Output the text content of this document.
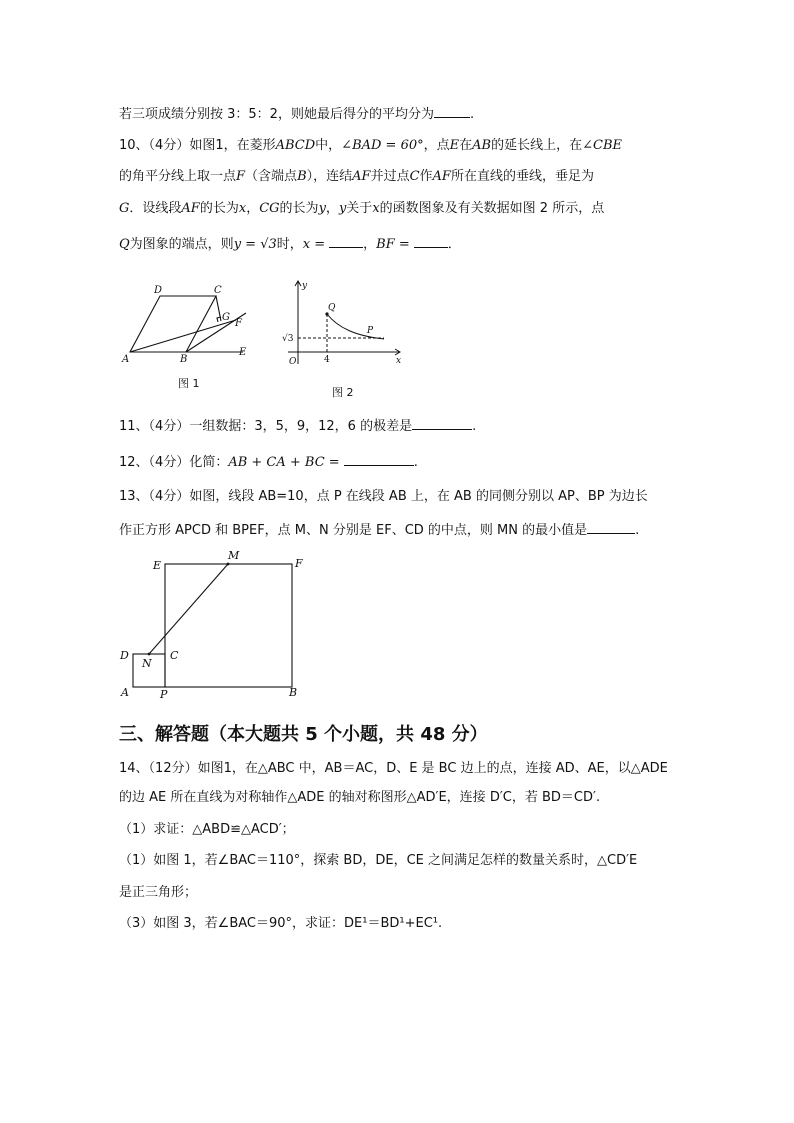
若三项成绩分别按 3：5：2，则她最后得分的平均分为	.
10、（4分）如图1，在菱形ABCD中，∠BAD = 60°，点E在AB的延长线上，在∠CBE
的角平分线上取一点F（含端点B），连结AF并过点C作AF所在直线的垂线，垂足为
G．设线段AF的长为x，CG的长为y，y关于x的函数图象及有关数据如图 2 所示，点
Q为图象的端点，则y = √3时，x =	，BF =	．
A	B
C
D
E
F
G
图 1
y
x
O
Q
P
4
√3
图 2
11、（4分）一组数据：3，5，9，12，6 的极差是	.
12、（4分）化简：AB + CA + BC =	.
13、（4分）如图，线段 AB=10，点 P 在线段 AB 上，在 AB 的同侧分别以 AP、BP 为边长
作正方形 APCD 和 BPEF，点 M、N 分别是 EF、CD 的中点，则 MN 的最小值是	.
A	B
C
D
E	F
M
N
P
三、解答题（本大题共 5 个小题，共 48 分）
14、（12分）如图1，在△ABC 中，AB＝AC，D、E 是 BC 边上的点，连接 AD、AE，以△ADE
的边 AE 所在直线为对称轴作△ADE 的轴对称图形△AD′E，连接 D′C，若 BD＝CD′.
（1）求证：△ABD≌△ACD′；
（1）如图 1，若∠BAC＝110°，探索 BD，DE，CE 之间满足怎样的数量关系时，△CD′E
是正三角形；
（3）如图 3，若∠BAC＝90°，求证：DE¹＝BD¹+EC¹.
